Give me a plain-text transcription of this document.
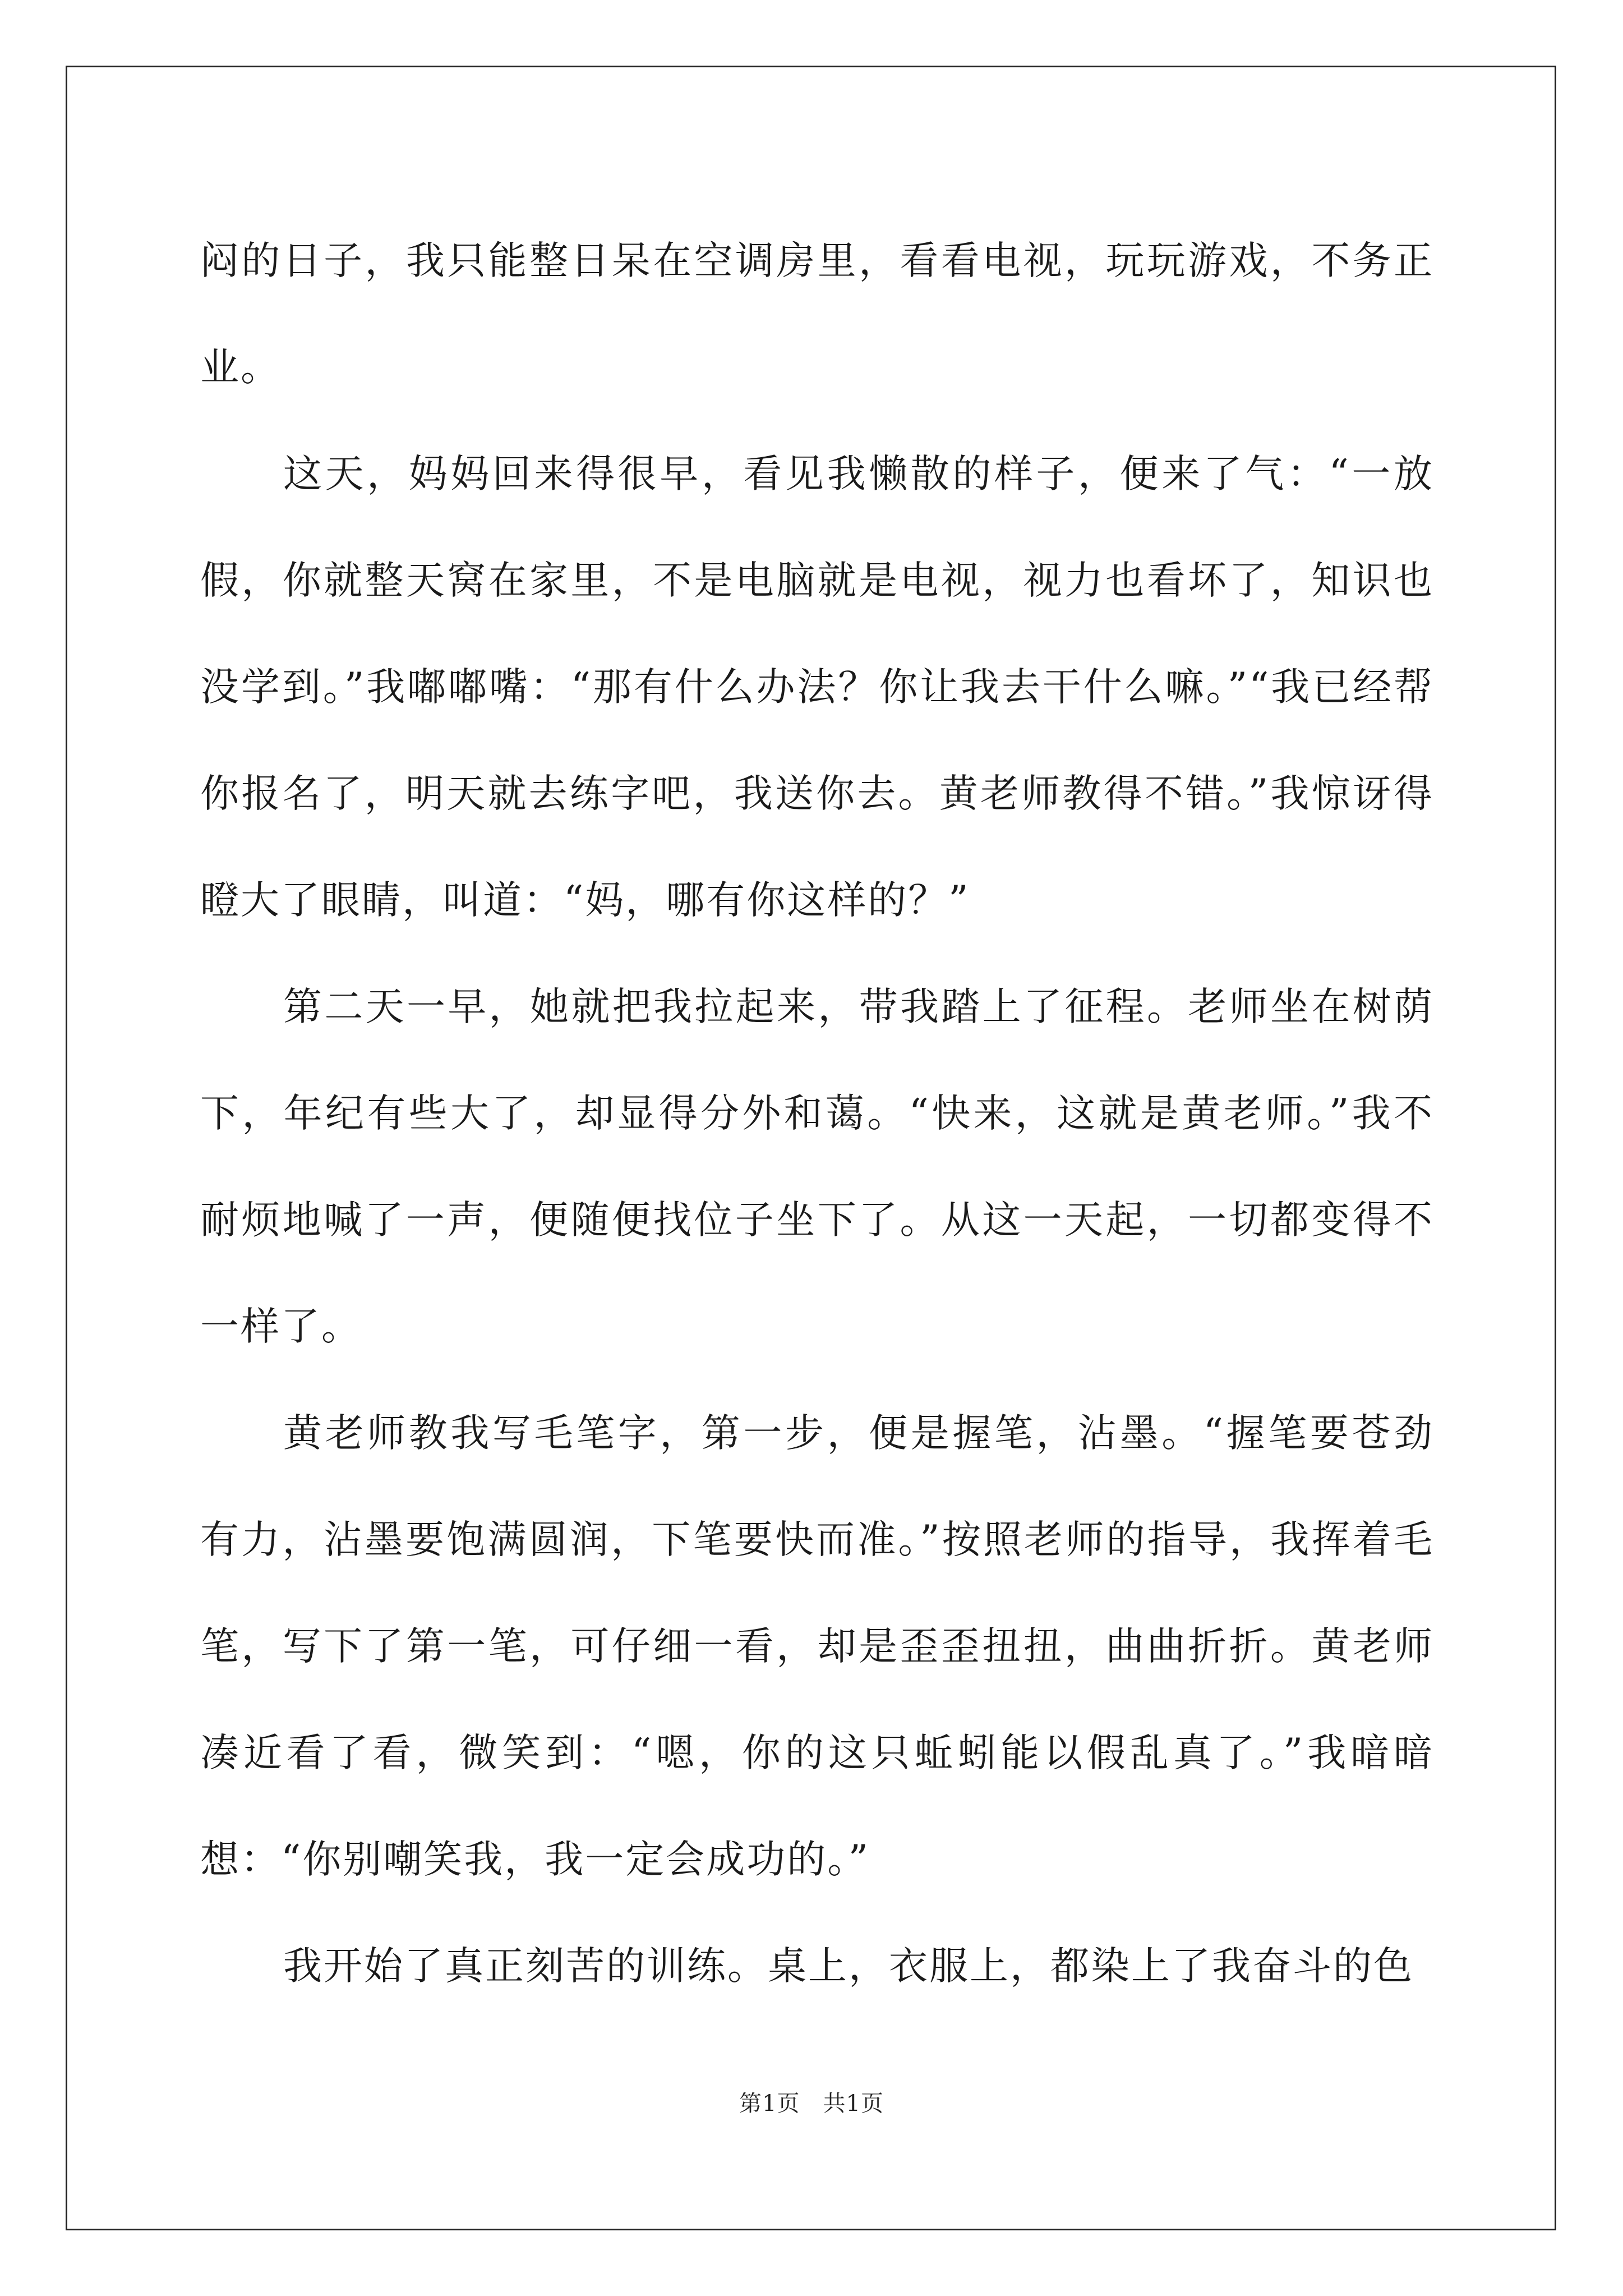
闷的日子，我只能整日呆在空调房里，看看电视，玩玩游戏，不务正业。

这天，妈妈回来得很早，看见我懒散的样子，便来了气：“一放假，你就整天窝在家里，不是电脑就是电视，视力也看坏了，知识也没学到。”我嘟嘟嘴：“那有什么办法？你让我去干什么嘛。”“我已经帮你报名了，明天就去练字吧，我送你去。黄老师教得不错。”我惊讶得瞪大了眼睛，叫道：“妈，哪有你这样的？”

第二天一早，她就把我拉起来，带我踏上了征程。老师坐在树荫下，年纪有些大了，却显得分外和蔼。“快来，这就是黄老师。”我不耐烦地喊了一声，便随便找位子坐下了。从这一天起，一切都变得不一样了。

黄老师教我写毛笔字，第一步，便是握笔，沾墨。“握笔要苍劲有力，沾墨要饱满圆润，下笔要快而准。”按照老师的指导，我挥着毛笔，写下了第一笔，可仔细一看，却是歪歪扭扭，曲曲折折。黄老师凑近看了看，微笑到：“嗯，你的这只蚯蚓能以假乱真了。”我暗暗想：“你别嘲笑我，我一定会成功的。”

我开始了真正刻苦的训练。桌上，衣服上，都染上了我奋斗的色

第1页　共1页
